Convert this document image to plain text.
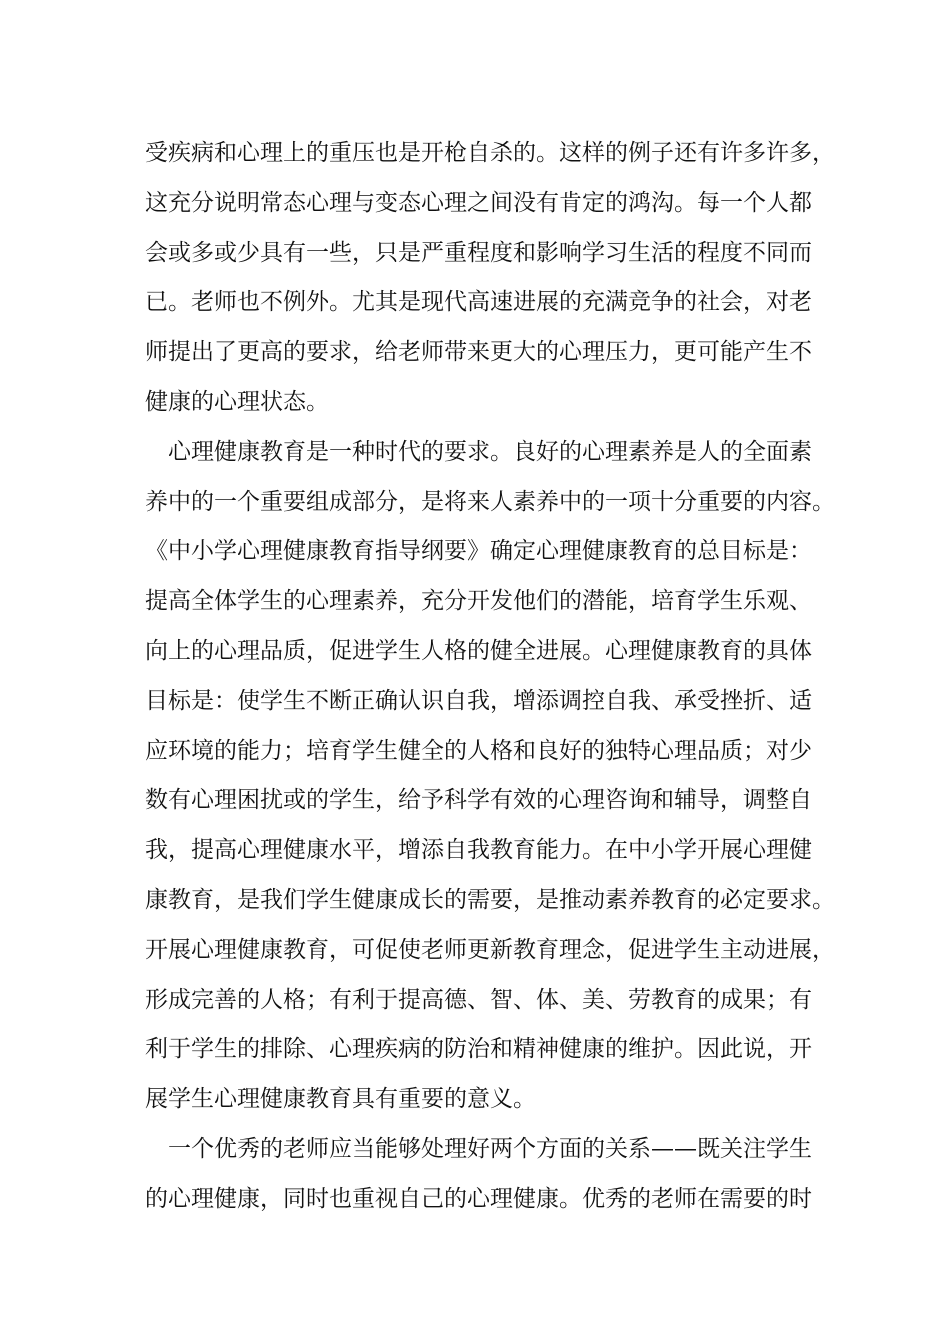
受疾病和心理上的重压也是开枪自杀的。这样的例子还有许多许多，
这充分说明常态心理与变态心理之间没有肯定的鸿沟。每一个人都
会或多或少具有一些，只是严重程度和影响学习生活的程度不同而
已。老师也不例外。尤其是现代高速进展的充满竞争的社会，对老
师提出了更高的要求，给老师带来更大的心理压力，更可能产生不
健康的心理状态。
心理健康教育是一种时代的要求。良好的心理素养是人的全面素
养中的一个重要组成部分，是将来人素养中的一项十分重要的内容。
《中小学心理健康教育指导纲要》确定心理健康教育的总目标是：
提高全体学生的心理素养，充分开发他们的潜能，培育学生乐观、
向上的心理品质，促进学生人格的健全进展。心理健康教育的具体
目标是：使学生不断正确认识自我，增添调控自我、承受挫折、适
应环境的能力；培育学生健全的人格和良好的独特心理品质；对少
数有心理困扰或的学生，给予科学有效的心理咨询和辅导，调整自
我，提高心理健康水平，增添自我教育能力。在中小学开展心理健
康教育，是我们学生健康成长的需要，是推动素养教育的必定要求。
开展心理健康教育，可促使老师更新教育理念，促进学生主动进展，
形成完善的人格；有利于提高德、智、体、美、劳教育的成果；有
利于学生的排除、心理疾病的防治和精神健康的维护。因此说，开
展学生心理健康教育具有重要的意义。
一个优秀的老师应当能够处理好两个方面的关系——既关注学生
的心理健康，同时也重视自己的心理健康。优秀的老师在需要的时
